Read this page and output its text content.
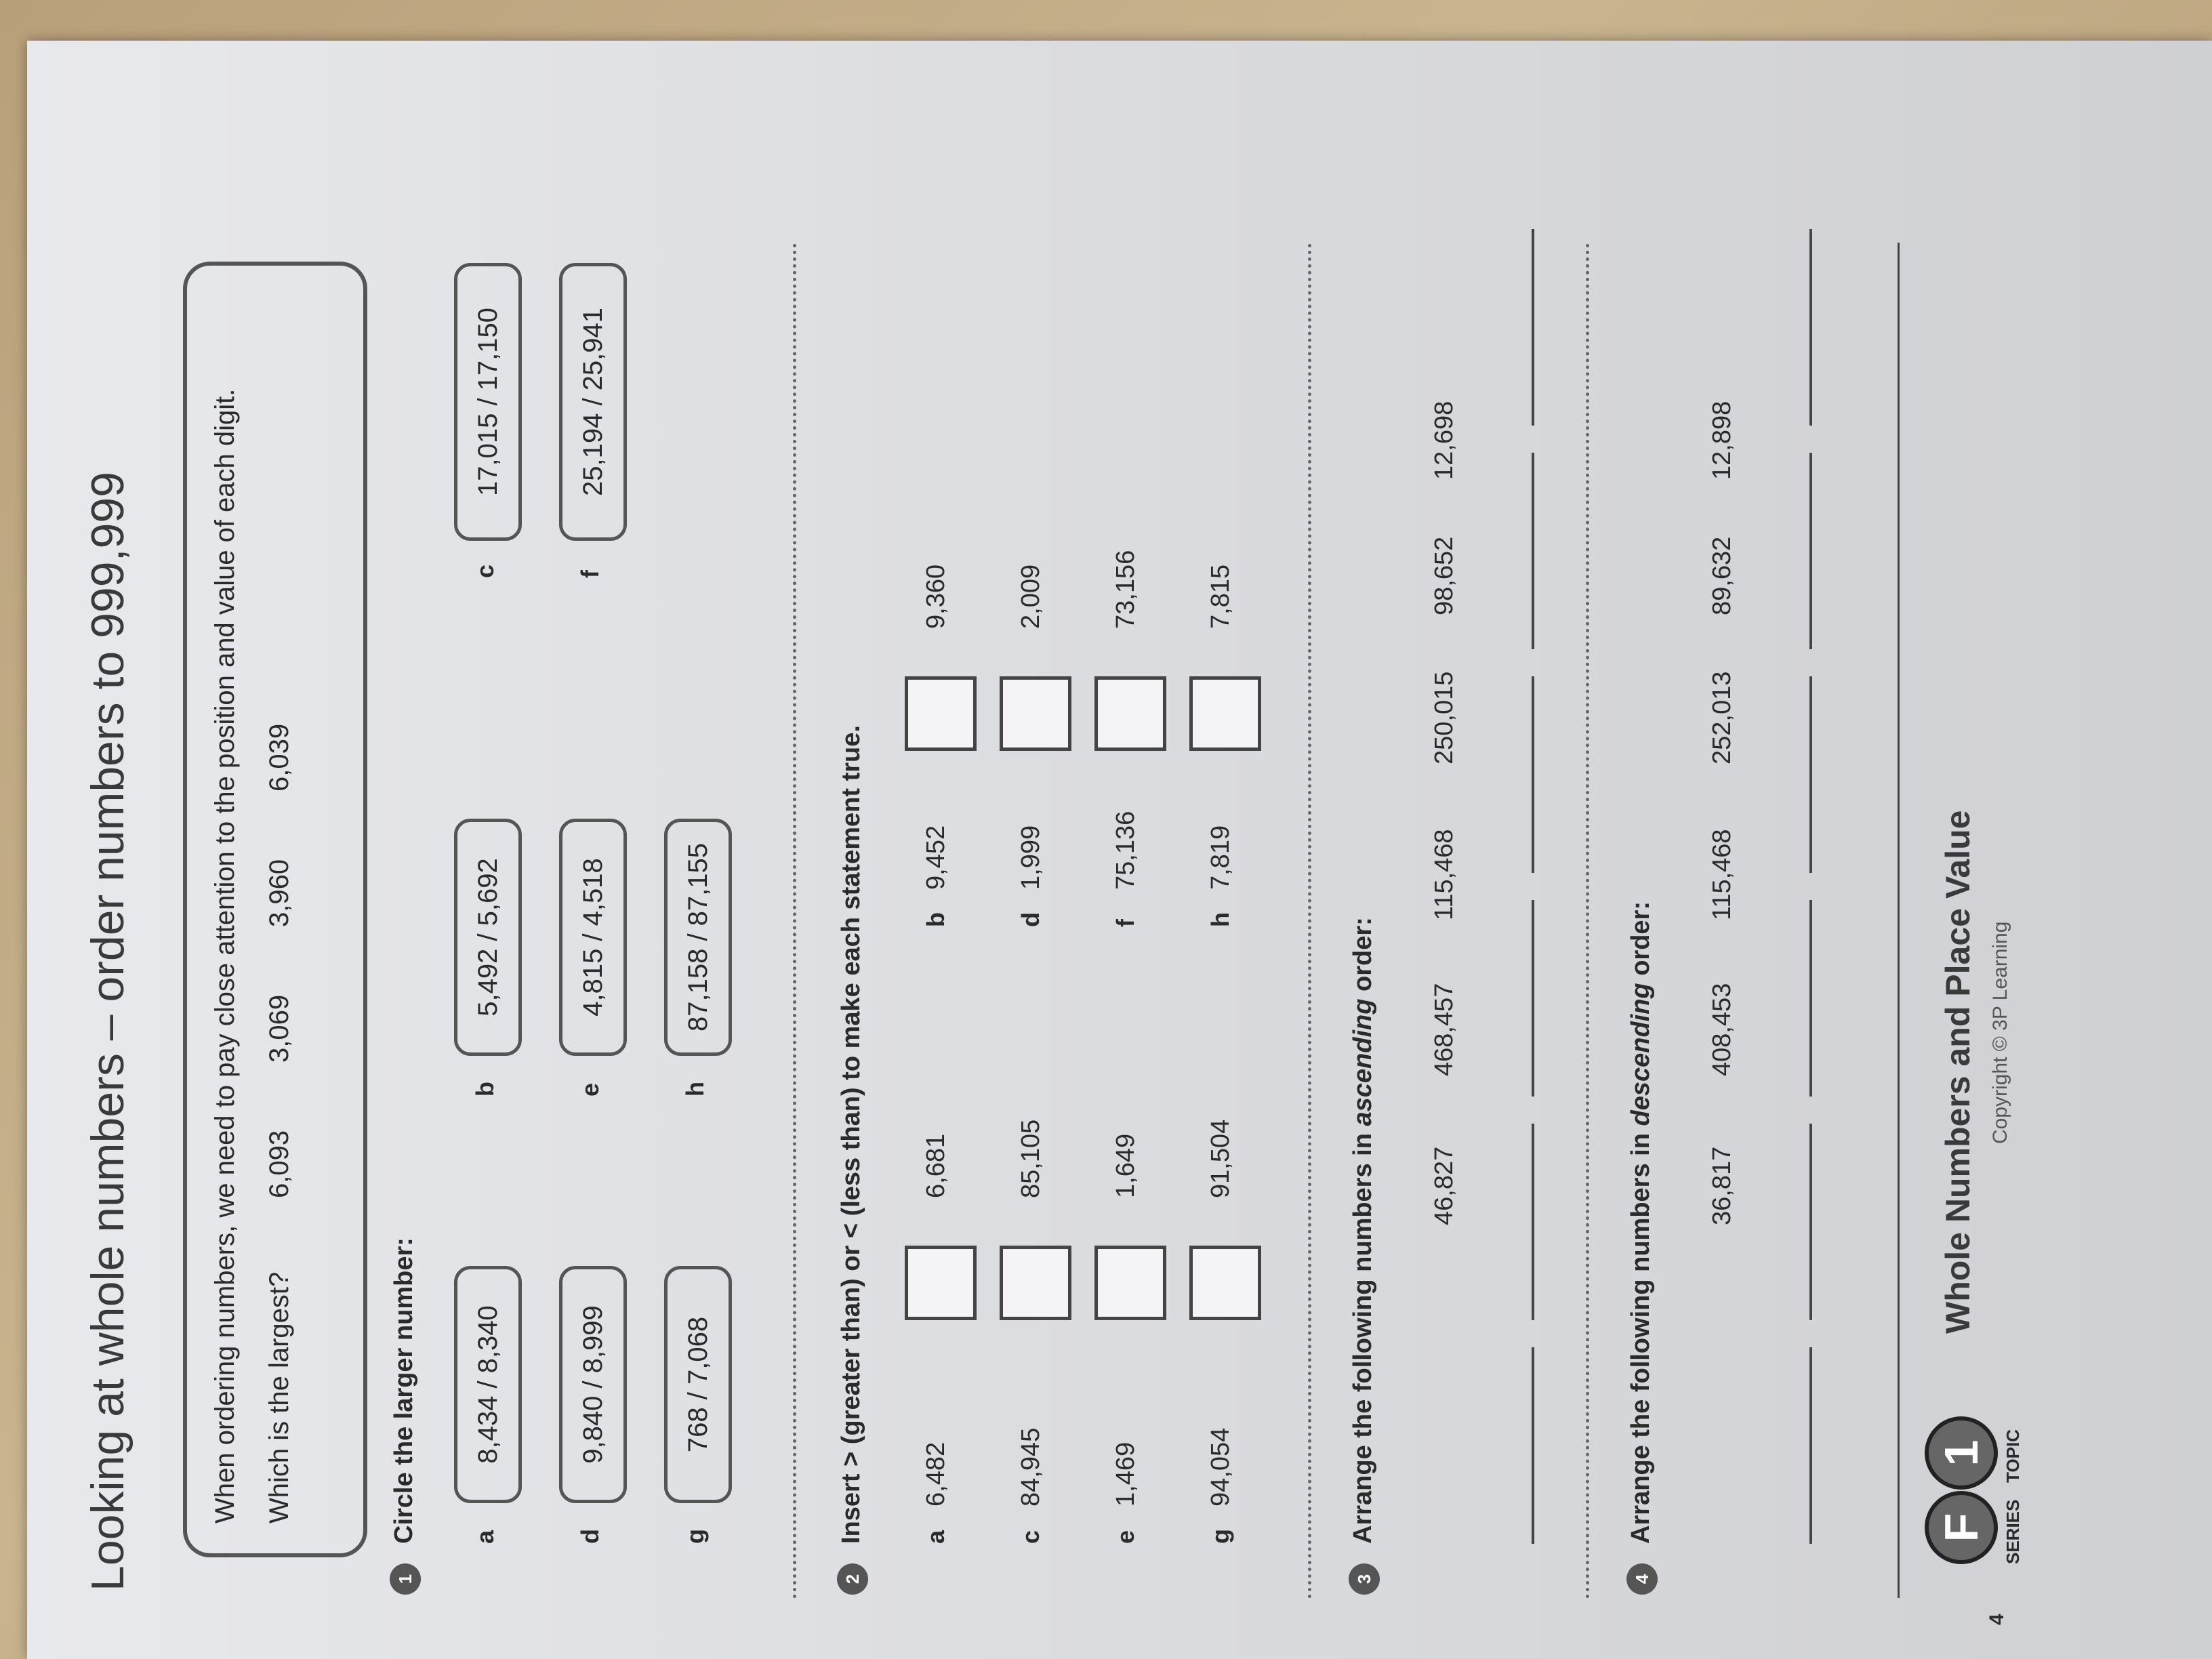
Looking at whole numbers – order numbers to 999,999	When ordering numbers, we need to pay close attention to the position and value of each digit. Which is the largest?
6,093
3,069
3,960
6,039
1
Circle the larger number: a
8,434 / 8,340
b
5,492 / 5,692
c
17,015 / 17,150
d
9,840 / 8,999
e
4,815 / 4,518
f
25,194 / 25,941
g
768 / 7,068
h
87,158 / 87,155
2
Insert > (greater than) or < (less than) to make each statement true. a
6,482
6,681
b
9,452
9,360
c
84,945
85,105
d
1,999
2,009
e
1,469
1,649
f
75,136
73,156
g
94,054
91,504
h
7,819
7,815
3
Arrange the following numbers in ascending order:
46,827
468,457
115,468
250,015
98,652
12,698
4
Arrange the following numbers in descending order:
36,817
408,453
115,468
252,013
89,632
12,898
4
F
1
SERIES
TOPIC
Whole Numbers and Place Value Copyright © 3P Learning
